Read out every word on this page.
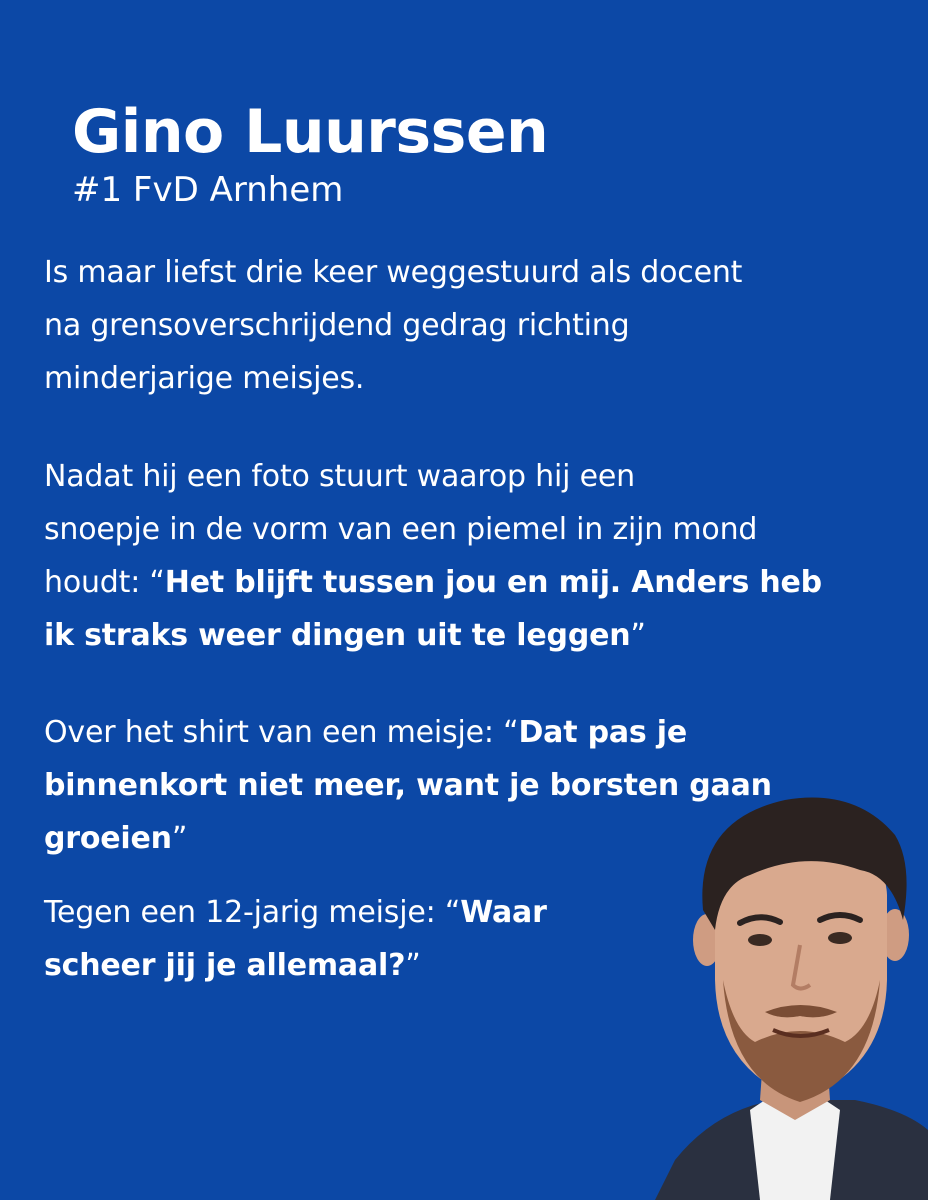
Gino Luurssen
#1 FvD Arnhem
Is maar liefst drie keer weggestuurd als docent
na grensoverschrijdend gedrag richting
minderjarige meisjes.
Nadat hij een foto stuurt waarop hij een
snoepje in de vorm van een piemel in zijn mond
houdt: “Het blijft tussen jou en mij. Anders heb
ik straks weer dingen uit te leggen”
Over het shirt van een meisje: “Dat pas je
binnenkort niet meer, want je borsten gaan
groeien”
Tegen een 12-jarig meisje: “Waar
scheer jij je allemaal?”
